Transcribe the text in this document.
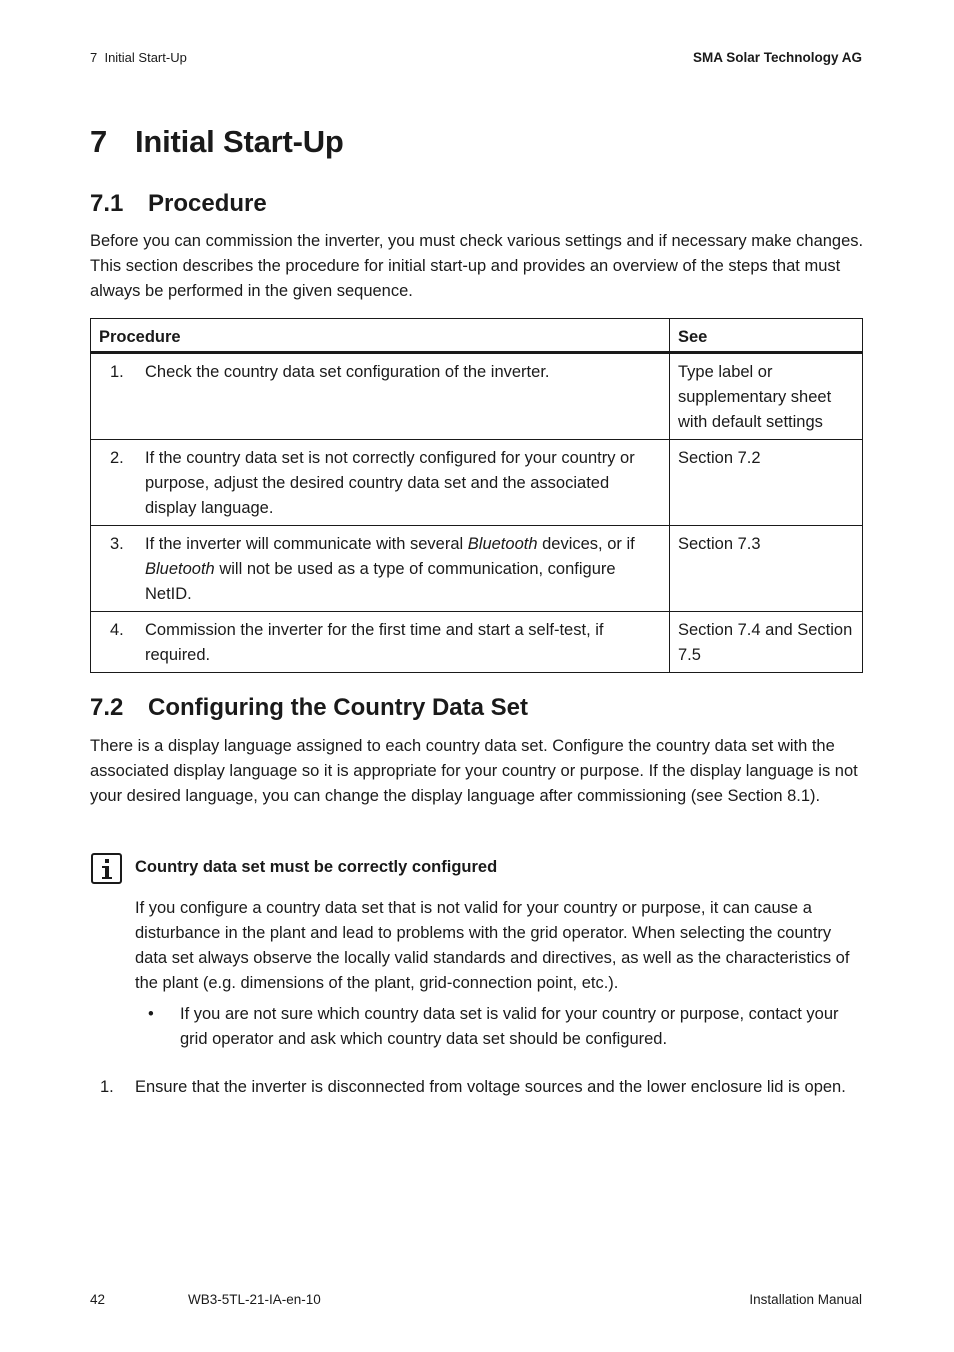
7  Initial Start-Up	SMA Solar Technology AG
7 Initial Start-Up
7.1 Procedure

Before you can commission the inverter, you must check various settings and if necessary make changes. This section describes the procedure for initial start-up and provides an overview of the steps that must always be performed in the given sequence.

Procedure	See

1. Check the country data set configuration of the inverter.	Type label or supplementary sheet with default settings

2. If the country data set is not correctly configured for your country or purpose, adjust the desired country data set and the associated display language.	Section 7.2

3. If the inverter will communicate with several Bluetooth devices, or if Bluetooth will not be used as a type of communication, configure NetID.	Section 7.3

4. Commission the inverter for the first time and start a self-test, if required.	Section 7.4 and Section 7.5
7.2 Configuring the Country Data Set

There is a display language assigned to each country data set. Configure the country data set with the associated display language so it is appropriate for your country or purpose. If the display language is not your desired language, you can change the display language after commissioning (see Section 8.1).

Country data set must be correctly configured

If you configure a country data set that is not valid for your country or purpose, it can cause a disturbance in the plant and lead to problems with the grid operator. When selecting the country data set always observe the locally valid standards and directives, as well as the characteristics of the plant (e.g. dimensions of the plant, grid-connection point, etc.).

•	If you are not sure which country data set is valid for your country or purpose, contact your grid operator and ask which country data set should be configured.
1.	Ensure that the inverter is disconnected from voltage sources and the lower enclosure lid is open.
42	WB3-5TL-21-IA-en-10	Installation Manual
